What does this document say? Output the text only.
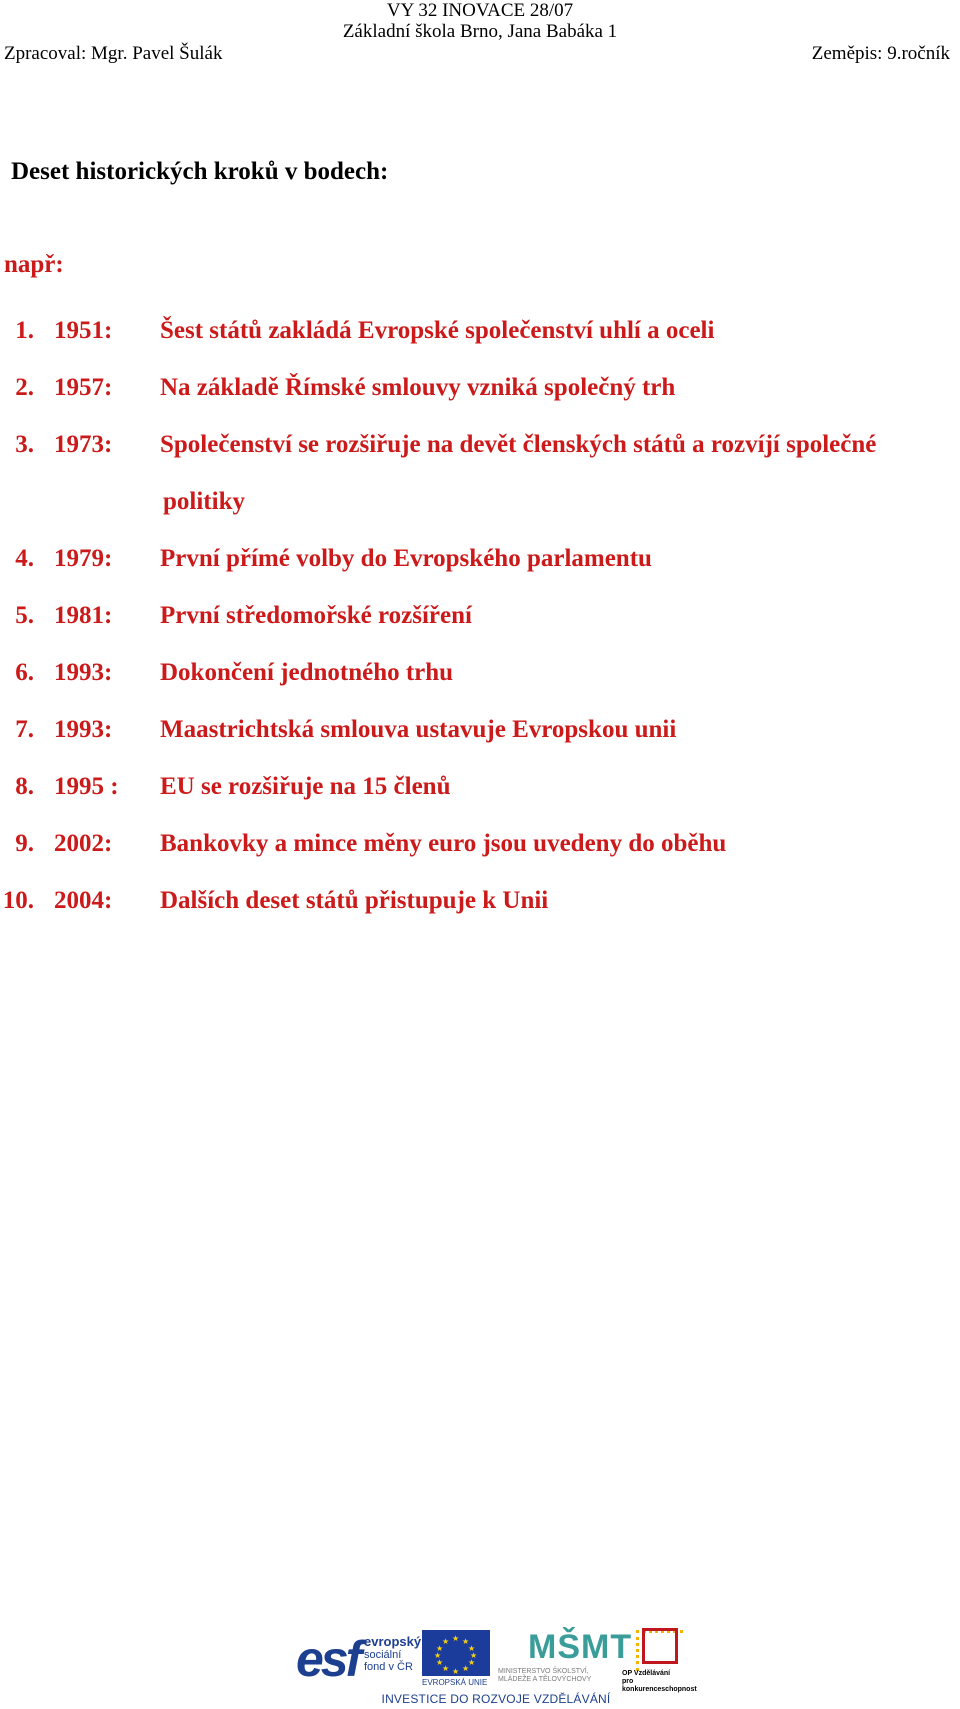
VY 32 INOVACE 28/07
Základní škola Brno, Jana Babáka 1
Zpracoval: Mgr. Pavel Šulák	Zeměpis: 9.ročník
Deset historických kroků v bodech:
např:
1. 1951: Šest států zakládá Evropské společenství uhlí a oceli
2. 1957: Na základě Římské smlouvy vzniká společný trh
3. 1973: Společenství se rozšiřuje na devět členských států a rozvíjí společné
politiky
4. 1979: První přímé volby do Evropského parlamentu
5. 1981: První středomořské rozšíření
6. 1993: Dokončení jednotného trhu
7. 1993: Maastrichtská smlouva ustavuje Evropskou unii
8. 1995 : EU se rozšiřuje na 15 členů
9. 2002: Bankovky a mince měny euro jsou uvedeny do oběhu
10. 2004: Dalších deset států přistupuje k Unii
esf evropský
sociální
fond v ČR
★ ★
★
★
★
★
★
★
★
★
★
★
EVROPSKÁ UNIE
MŠMT
MINISTERSTVO ŠKOLSTVÍ,
MLÁDEŽE A TĚLOVÝCHOVY
OP Vzdělávání
pro konkurenceschopnost
INVESTICE DO ROZVOJE VZDĚLÁVÁNÍ
